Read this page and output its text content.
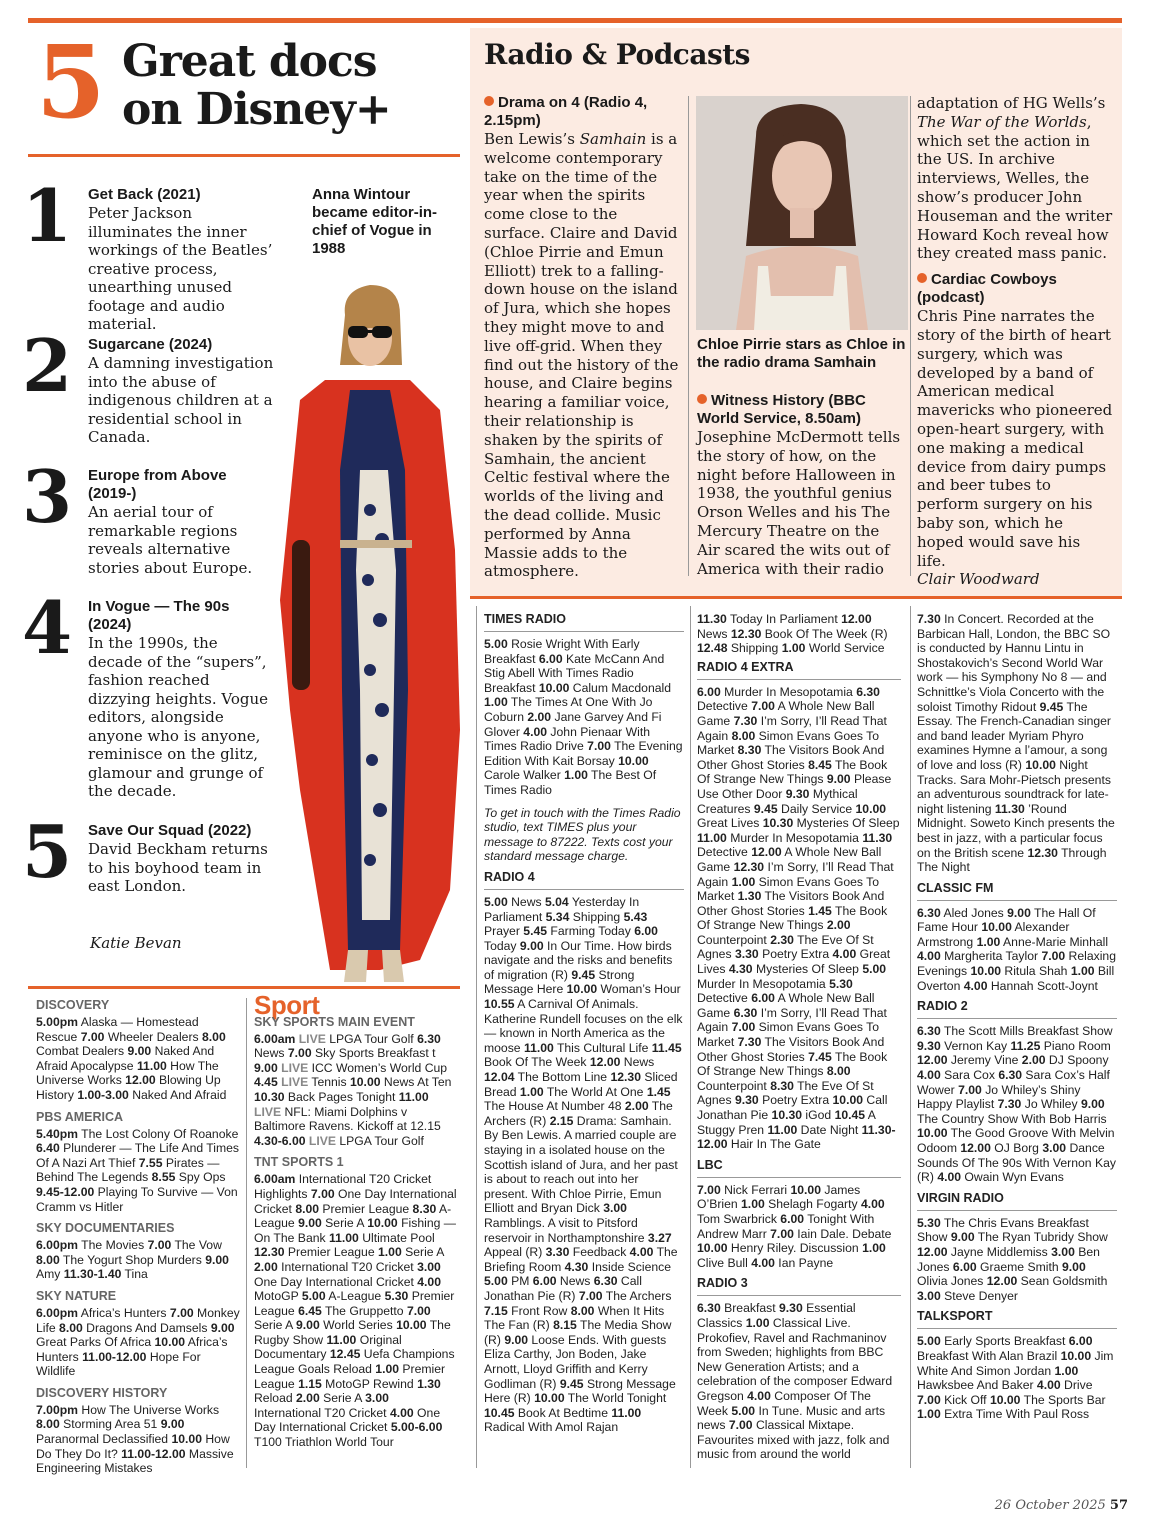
5 Great docs
on Disney+
1 Get Back (2021)
Peter Jackson illuminates the inner workings of the Beatles’ creative process, unearthing unused footage and audio material.
2 Sugarcane (2024)
A damning investigation into the abuse of indigenous children at a residential school in Canada.
3 Europe from Above (2019-)
An aerial tour of remarkable regions reveals alternative stories about Europe.
4 In Vogue — The 90s (2024)
In the 1990s, the decade of the “supers”, fashion reached dizzying heights. Vogue editors, alongside anyone who is anyone, reminisce on the glitz, glamour and grunge of the decade.
5 Save Our Squad (2022)
David Beckham returns to his boyhood team in east London.
Katie Bevan
Anna Wintour became editor-in-chief of Vogue in 1988
Radio & Podcasts
Drama on 4 (Radio 4, 2.15pm)
Ben Lewis’s Samhain is a welcome contemporary take on the time of the year when the spirits come close to the surface. Claire and David (Chloe Pirrie and Emun Elliott) trek to a falling-down house on the island of Jura, which she hopes they might move to and live off-grid. When they find out the history of the house, and Claire begins hearing a familiar voice, their relationship is shaken by the spirits of Samhain, the ancient Celtic festival where the worlds of the living and the dead collide. Music performed by Anna Massie adds to the atmosphere.
Chloe Pirrie stars as Chloe in the radio drama Samhain
Witness History (BBC World Service, 8.50am)
Josephine McDermott tells the story of how, on the night before Halloween in 1938, the youthful genius Orson Welles and his The Mercury Theatre on the Air scared the wits out of America with their radio
adaptation of HG Wells’s The War of the Worlds, which set the action in the US. In archive interviews, Welles, the show’s producer John Houseman and the writer Howard Koch reveal how they created mass panic.
Cardiac Cowboys (podcast)
Chris Pine narrates the story of the birth of heart surgery, which was developed by a band of American medical mavericks who pioneered open-heart surgery, with one making a medical device from dairy pumps and beer tubes to perform surgery on his baby son, which he hoped would save his life.
Clair Woodward
DISCOVERY
5.00pm Alaska — Homestead Rescue 7.00 Wheeler Dealers 8.00 Combat Dealers 9.00 Naked And Afraid Apocalypse 11.00 How The Universe Works 12.00 Blowing Up History 1.00-3.00 Naked And Afraid
PBS AMERICA
5.40pm The Lost Colony Of Roanoke 6.40 Plunderer — The Life And Times Of A Nazi Art Thief 7.55 Pirates — Behind The Legends 8.55 Spy Ops 9.45-12.00 Playing To Survive — Von Cramm vs Hitler
SKY DOCUMENTARIES
6.00pm The Movies 7.00 The Vow 8.00 The Yogurt Shop Murders 9.00 Amy 11.30-1.40 Tina
SKY NATURE
6.00pm Africa’s Hunters 7.00 Monkey Life 8.00 Dragons And Damsels 9.00 Great Parks Of Africa 10.00 Africa’s Hunters 11.00-12.00 Hope For Wildlife
DISCOVERY HISTORY
7.00pm How The Universe Works 8.00 Storming Area 51 9.00 Paranormal Declassified 10.00 How Do They Do It? 11.00-12.00 Massive Engineering Mistakes
Sport
SKY SPORTS MAIN EVENT
6.00am LIVE LPGA Tour Golf 6.30 News 7.00 Sky Sports Breakfast t 9.00 LIVE ICC Women’s World Cup 4.45 LIVE Tennis 10.00 News At Ten 10.30 Back Pages Tonight 11.00 LIVE NFL: Miami Dolphins v Baltimore Ravens. Kickoff at 12.15 4.30-6.00 LIVE LPGA Tour Golf
TNT SPORTS 1
6.00am International T20 Cricket Highlights 7.00 One Day International Cricket 8.00 Premier League 8.30 A-League 9.00 Serie A 10.00 Fishing — On The Bank 11.00 Ultimate Pool 12.30 Premier League 1.00 Serie A 2.00 International T20 Cricket 3.00 One Day International Cricket 4.00 MotoGP 5.00 A-League 5.30 Premier League 6.45 The Gruppetto 7.00 Serie A 9.00 World Series 10.00 The Rugby Show 11.00 Original Documentary 12.45 Uefa Champions League Goals Reload 1.00 Premier League 1.15 MotoGP Rewind 1.30 Reload 2.00 Serie A 3.00 International T20 Cricket 4.00 One Day International Cricket 5.00-6.00 T100 Triathlon World Tour
TIMES RADIO
5.00 Rosie Wright With Early Breakfast 6.00 Kate McCann And Stig Abell With Times Radio Breakfast 10.00 Calum Macdonald 1.00 The Times At One With Jo Coburn 2.00 Jane Garvey And Fi Glover 4.00 John Pienaar With Times Radio Drive 7.00 The Evening Edition With Kait Borsay 10.00 Carole Walker 1.00 The Best Of Times Radio
To get in touch with the Times Radio studio, text TIMES plus your message to 87222. Texts cost your standard message charge.
RADIO 4
5.00 News 5.04 Yesterday In Parliament 5.34 Shipping 5.43 Prayer 5.45 Farming Today 6.00 Today 9.00 In Our Time. How birds navigate and the risks and benefits of migration (R) 9.45 Strong Message Here 10.00 Woman’s Hour 10.55 A Carnival Of Animals. Katherine Rundell focuses on the elk — known in North America as the moose 11.00 This Cultural Life 11.45 Book Of The Week 12.00 News 12.04 The Bottom Line 12.30 Sliced Bread 1.00 The World At One 1.45 The House At Number 48 2.00 The Archers (R) 2.15 Drama: Samhain. By Ben Lewis. A married couple are staying in a isolated house on the Scottish island of Jura, and her past is about to reach out into her present. With Chloe Pirrie, Emun Elliott and Bryan Dick 3.00 Ramblings. A visit to Pitsford reservoir in Northamptonshire 3.27 Appeal (R) 3.30 Feedback 4.00 The Briefing Room 4.30 Inside Science 5.00 PM 6.00 News 6.30 Call Jonathan Pie (R) 7.00 The Archers 7.15 Front Row 8.00 When It Hits The Fan (R) 8.15 The Media Show (R) 9.00 Loose Ends. With guests Eliza Carthy, Jon Boden, Jake Arnott, Lloyd Griffith and Kerry Godliman (R) 9.45 Strong Message Here (R) 10.00 The World Tonight 10.45 Book At Bedtime 11.00 Radical With Amol Rajan
11.30 Today In Parliament 12.00 News 12.30 Book Of The Week (R) 12.48 Shipping 1.00 World Service
RADIO 4 EXTRA
6.00 Murder In Mesopotamia 6.30 Detective 7.00 A Whole New Ball Game 7.30 I’m Sorry, I’ll Read That Again 8.00 Simon Evans Goes To Market 8.30 The Visitors Book And Other Ghost Stories 8.45 The Book Of Strange New Things 9.00 Please Use Other Door 9.30 Mythical Creatures 9.45 Daily Service 10.00 Great Lives 10.30 Mysteries Of Sleep 11.00 Murder In Mesopotamia 11.30 Detective 12.00 A Whole New Ball Game 12.30 I’m Sorry, I’ll Read That Again 1.00 Simon Evans Goes To Market 1.30 The Visitors Book And Other Ghost Stories 1.45 The Book Of Strange New Things 2.00 Counterpoint 2.30 The Eve Of St Agnes 3.30 Poetry Extra 4.00 Great Lives 4.30 Mysteries Of Sleep 5.00 Murder In Mesopotamia 5.30 Detective 6.00 A Whole New Ball Game 6.30 I’m Sorry, I’ll Read That Again 7.00 Simon Evans Goes To Market 7.30 The Visitors Book And Other Ghost Stories 7.45 The Book Of Strange New Things 8.00 Counterpoint 8.30 The Eve Of St Agnes 9.30 Poetry Extra 10.00 Call Jonathan Pie 10.30 iGod 10.45 A Stuggy Pren 11.00 Date Night 11.30-12.00 Hair In The Gate
LBC
7.00 Nick Ferrari 10.00 James O’Brien 1.00 Shelagh Fogarty 4.00 Tom Swarbrick 6.00 Tonight With Andrew Marr 7.00 Iain Dale. Debate 10.00 Henry Riley. Discussion 1.00 Clive Bull 4.00 Ian Payne
RADIO 3
6.30 Breakfast 9.30 Essential Classics 1.00 Classical Live. Prokofiev, Ravel and Rachmaninov from Sweden; highlights from BBC New Generation Artists; and a celebration of the composer Edward Gregson 4.00 Composer Of The Week 5.00 In Tune. Music and arts news 7.00 Classical Mixtape. Favourites mixed with jazz, folk and music from around the world
7.30 In Concert. Recorded at the Barbican Hall, London, the BBC SO is conducted by Hannu Lintu in Shostakovich’s Second World War work — his Symphony No 8 — and Schnittke’s Viola Concerto with the soloist Timothy Ridout 9.45 The Essay. The French-Canadian singer and band leader Myriam Phyro examines Hymne a l’amour, a song of love and loss (R) 10.00 Night Tracks. Sara Mohr-Pietsch presents an adventurous soundtrack for late-night listening 11.30 ’Round Midnight. Soweto Kinch presents the best in jazz, with a particular focus on the British scene 12.30 Through The Night
CLASSIC FM
6.30 Aled Jones 9.00 The Hall Of Fame Hour 10.00 Alexander Armstrong 1.00 Anne-Marie Minhall 4.00 Margherita Taylor 7.00 Relaxing Evenings 10.00 Ritula Shah 1.00 Bill Overton 4.00 Hannah Scott-Joynt
RADIO 2
6.30 The Scott Mills Breakfast Show 9.30 Vernon Kay 11.25 Piano Room 12.00 Jeremy Vine 2.00 DJ Spoony 4.00 Sara Cox 6.30 Sara Cox’s Half Wower 7.00 Jo Whiley’s Shiny Happy Playlist 7.30 Jo Whiley 9.00 The Country Show With Bob Harris 10.00 The Good Groove With Melvin Odoom 12.00 OJ Borg 3.00 Dance Sounds Of The 90s With Vernon Kay (R) 4.00 Owain Wyn Evans
VIRGIN RADIO
5.30 The Chris Evans Breakfast Show 9.00 The Ryan Tubridy Show 12.00 Jayne Middlemiss 3.00 Ben Jones 6.00 Graeme Smith 9.00 Olivia Jones 12.00 Sean Goldsmith 3.00 Steve Denyer
TALKSPORT
5.00 Early Sports Breakfast 6.00 Breakfast With Alan Brazil 10.00 Jim White And Simon Jordan 1.00 Hawksbee And Baker 4.00 Drive 7.00 Kick Off 10.00 The Sports Bar 1.00 Extra Time With Paul Ross
26 October 2025 57
